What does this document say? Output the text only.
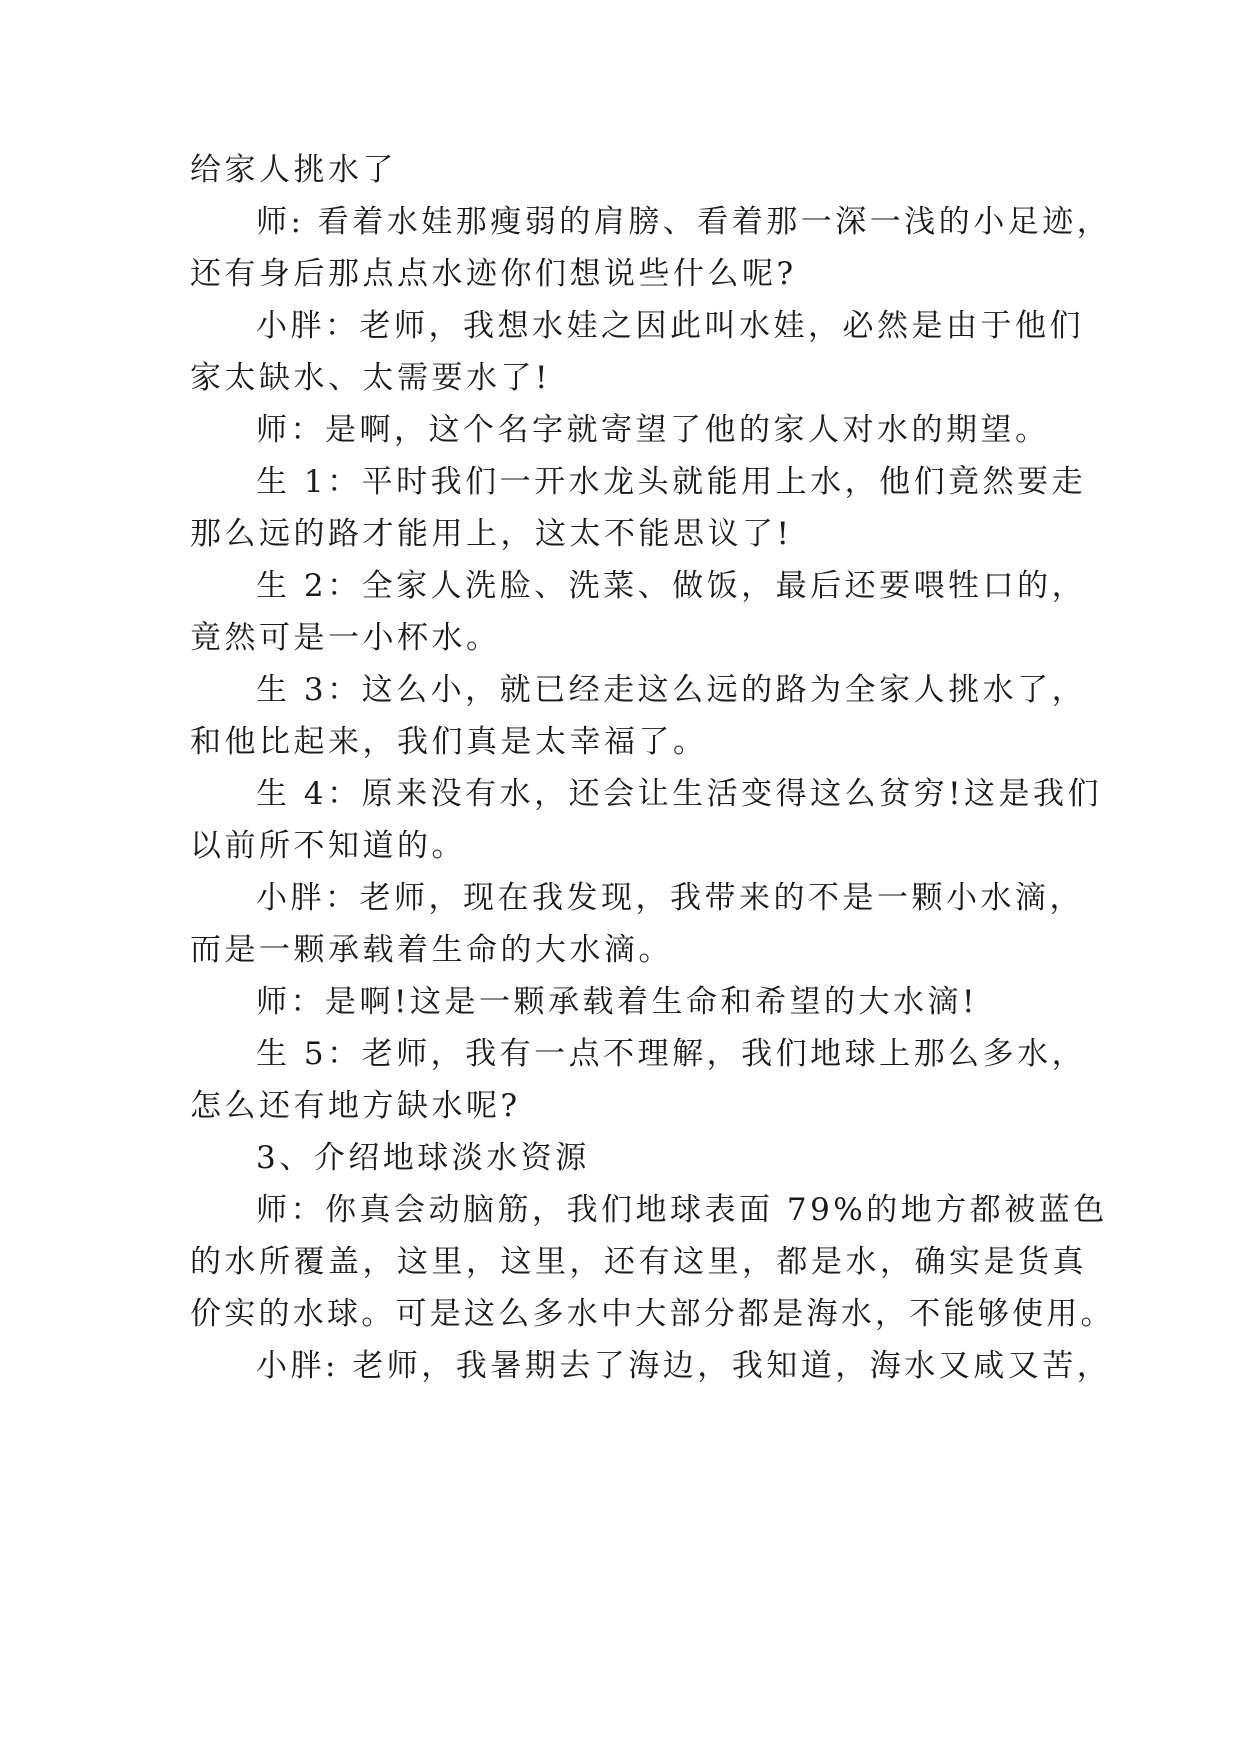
给家人挑水了
师: 看着水娃那瘦弱的肩膀、看着那一深一浅的小足迹，
还有身后那点点水迹你们想说些什么呢?
小胖：老师，我想水娃之因此叫水娃，必然是由于他们
家太缺水、太需要水了!
师：是啊，这个名字就寄望了他的家人对水的期望。
生 1：平时我们一开水龙头就能用上水，他们竟然要走
那么远的路才能用上，这太不能思议了!
生 2：全家人洗脸、洗菜、做饭，最后还要喂牲口的，
竟然可是一小杯水。
生 3：这么小，就已经走这么远的路为全家人挑水了，
和他比起来，我们真是太幸福了。
生 4：原来没有水，还会让生活变得这么贫穷!这是我们
以前所不知道的。
小胖：老师，现在我发现，我带来的不是一颗小水滴，
而是一颗承载着生命的大水滴。
师：是啊!这是一颗承载着生命和希望的大水滴!
生 5：老师，我有一点不理解，我们地球上那么多水，
怎么还有地方缺水呢?
3、介绍地球淡水资源
师：你真会动脑筋，我们地球表面 79%的地方都被蓝色
的水所覆盖，这里，这里，还有这里，都是水，确实是货真
价实的水球。可是这么多水中大部分都是海水，不能够使用。
小胖: 老师，我暑期去了海边，我知道，海水又咸又苦，
